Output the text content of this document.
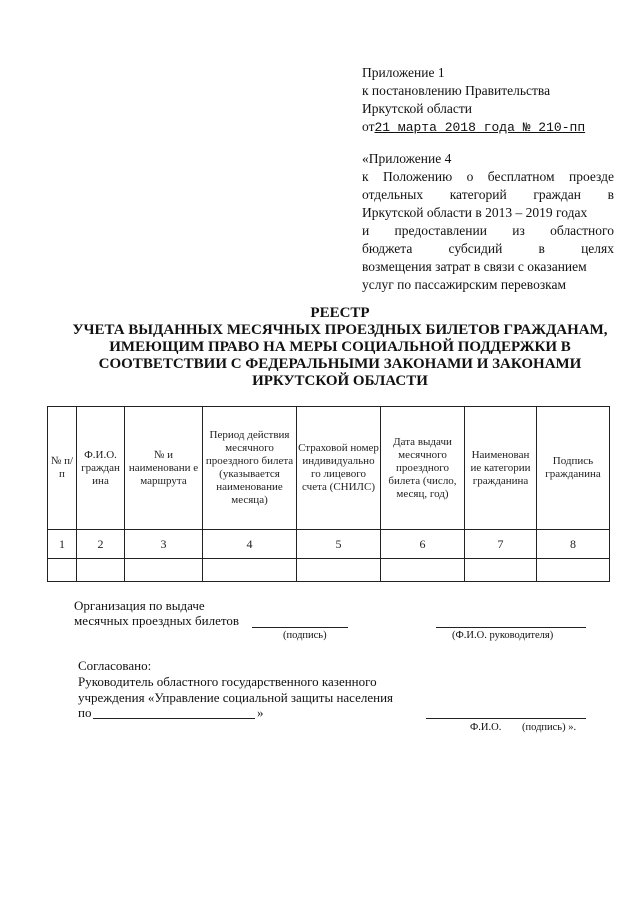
Приложение 1
к постановлению Правительства
Иркутской области
от21 марта 2018 года № 210-пп
«Приложение 4
к Положению о бесплатном проезде
отдельных категорий граждан в
Иркутской области в 2013 – 2019 годах
и предоставлении из областного
бюджета субсидий в целях
возмещения затрат в связи с оказанием
услуг по пассажирским перевозкам
РЕЕСТР
УЧЕТА ВЫДАННЫХ МЕСЯЧНЫХ ПРОЕЗДНЫХ БИЛЕТОВ ГРАЖДАНАМ,
ИМЕЮЩИМ ПРАВО НА МЕРЫ СОЦИАЛЬНОЙ ПОДДЕРЖКИ В
СООТВЕТСТВИИ С ФЕДЕРАЛЬНЫМИ ЗАКОНАМИ И ЗАКОНАМИ
ИРКУТСКОЙ ОБЛАСТИ
№ п/п	Ф.И.О. граждан ина	№ и наименовани е маршрута	Период действия месячного проездного билета (указывается наименование месяца)	Страховой номер индивидуально го лицевого счета (СНИЛС)	Дата выдачи месячного проездного билета (число, месяц, год)	Наименован ие категории гражданина	Подпись гражданина
1	2	3	4	5	6	7	8

Организация по выдаче
месячных проездных билетов
(подпись)	(Ф.И.О. руководителя)
Согласовано:
Руководитель областного государственного казенного
учреждения «Управление социальной защиты населения
по	»
Ф.И.О. (подпись) ».
